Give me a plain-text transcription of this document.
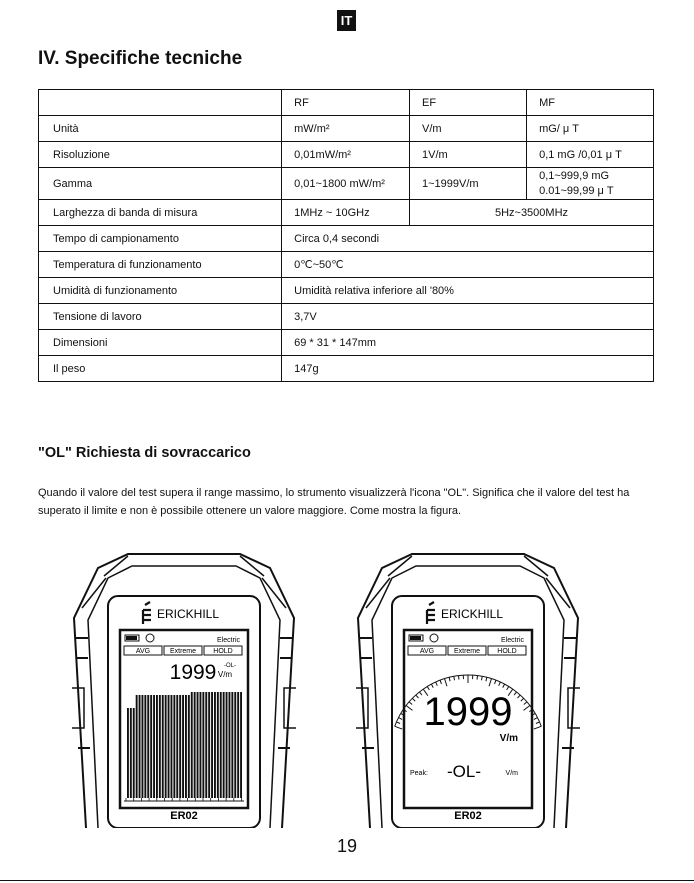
IT
IV. Specifiche tecniche
	RF	EF	MF
Unità	mW/m²	V/m	mG/ μ T
Risoluzione	0,01mW/m²	1V/m	0,1 mG /0,01 μ T
Gamma	0,01~1800 mW/m²	1~1999V/m	0,1~999,9 mG
0.01~99,99 μ T

Larghezza di banda di misura	1MHz ~ 10GHz	5Hz~3500MHz	
Tempo di campionamento	Circa 0,4 secondi		
Temperatura di funzionamento	0℃~50℃		
Umidità di funzionamento	Umidità relativa inferiore all '80%		
Tensione di lavoro	3,7V		
Dimensioni	69 * 31 * 147mm		
Il peso	147g		
"OL" Richiesta di sovraccarico

Quando il valore del test supera il range massimo, lo strumento visualizzerà l'icona "OL". Significa che il valore del test ha superato il limite e non è possibile ottenere un valore maggiore. Come mostra la figura.

ERICKHILL
Electric
AVG	Extreme HOLD
1999 -OL-
V/m
ER02
ERICKHILL
Electric
AVG	Extreme HOLD
1999
V/m
Peak: -OL-	V/m
ER02
19
